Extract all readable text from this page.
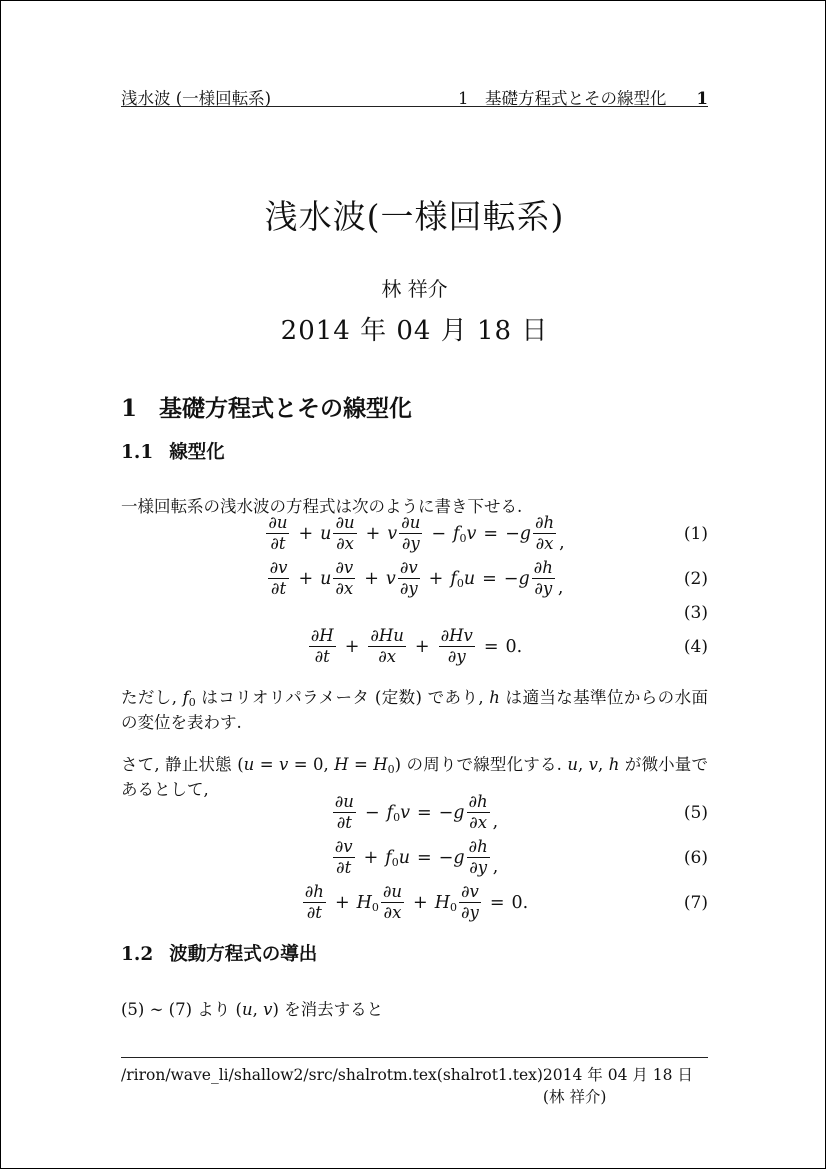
浅水波 (一様回転系)	1　基礎方程式とその線型化 1
浅水波(一様回転系)
林 祥介
2014 年 04 月 18 日
1 基礎方程式とその線型化
1.1 線型化

一様回転系の浅水波の方程式は次のように書き下せる.

$\frac{\partial u}{\partial t} + u \frac{\partial u}{\partial x} + v \frac{\partial u}{\partial y} - f_0$ v = − g $\frac{\partial h}{\partial x}$ ,	(1)
$\frac{\partial v}{\partial t} + u \frac{\partial v}{\partial x} + v \frac{\partial v}{\partial y} + f_0$ u = − g $\frac{\partial h}{\partial y}$ ,	(2)
(3)
$\frac{\partial H}{\partial t} + \frac{\partial Hu}{\partial x} + \frac{\partial Hv}{\partial y} = 0$.	(4)

ただし, $f_0$ はコリオリパラメータ (定数) であり, h は適当な基準位からの水面の変位を表わす.

さて, 静止状態 (u = v = 0, $H = H_0$) の周りで線型化する. u, v, h が微小量であるとして,

$\frac{\partial u}{\partial t} - f_0$ v = − g $\frac{\partial h}{\partial x}$ ,	(5)
$\frac{\partial v}{\partial t} + f_0$ u = − g $\frac{\partial h}{\partial y}$ ,	(6)
$\frac{\partial h}{\partial t} + H_0 \frac{\partial u}{\partial x} + H_0 \frac{\partial v}{\partial y} = 0$.	(7)
1.2 波動方程式の導出

(5) ∼ (7) より (u, v) を消去すると

/riron/wave_li/shallow2/src/shalrotm.tex(shalrot1.tex) 2014 年 04 月 18 日 (林 祥介)
